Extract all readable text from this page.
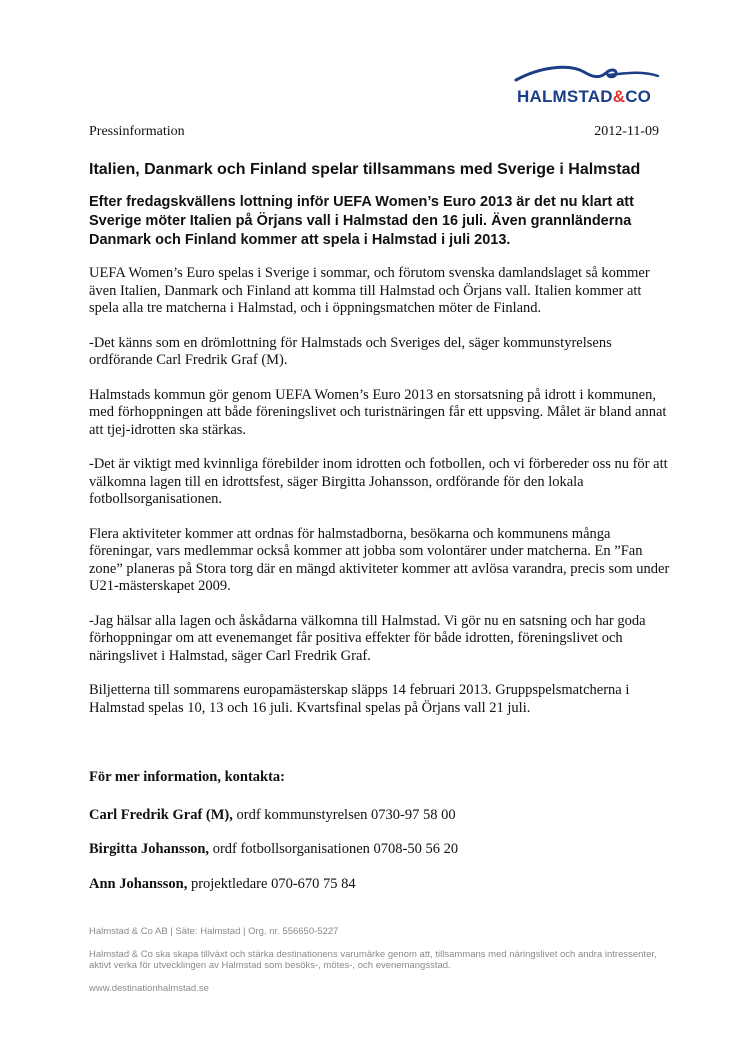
HALMSTAD&CO
Pressinformation	2012-11-09
Italien, Danmark och Finland spelar tillsammans med Sverige i Halmstad

Efter fredagskvällens lottning inför UEFA Women’s Euro 2013 är det nu klart att Sverige möter Italien på Örjans vall i Halmstad den 16 juli. Även grannländerna Danmark och Finland kommer att spela i Halmstad i juli 2013.

UEFA Women’s Euro spelas i Sverige i sommar, och förutom svenska damlandslaget så kommer även Italien, Danmark och Finland att komma till Halmstad och Örjans vall. Italien kommer att spela alla tre matcherna i Halmstad, och i öppningsmatchen möter de Finland.

-Det känns som en drömlottning för Halmstads och Sveriges del, säger kommunstyrelsens ordförande Carl Fredrik Graf (M).

Halmstads kommun gör genom UEFA Women’s Euro 2013 en storsatsning på idrott i kommunen, med förhoppningen att både föreningslivet och turistnäringen får ett uppsving. Målet är bland annat att tjej-idrotten ska stärkas.

-Det är viktigt med kvinnliga förebilder inom idrotten och fotbollen, och vi förbereder oss nu för att välkomna lagen till en idrottsfest, säger Birgitta Johansson, ordförande för den lokala fotbollsorganisationen.

Flera aktiviteter kommer att ordnas för halmstadborna, besökarna och kommunens många föreningar, vars medlemmar också kommer att jobba som volontärer under matcherna. En ”Fan zone” planeras på Stora torg där en mängd aktiviteter kommer att avlösa varandra, precis som under U21-mästerskapet 2009.

-Jag hälsar alla lagen och åskådarna välkomna till Halmstad. Vi gör nu en satsning och har goda förhoppningar om att evenemanget får positiva effekter för både idrotten, föreningslivet och näringslivet i Halmstad, säger Carl Fredrik Graf.

Biljetterna till sommarens europamästerskap släpps 14 februari 2013. Gruppspelsmatcherna i Halmstad spelas 10, 13 och 16 juli. Kvartsfinal spelas på Örjans vall 21 juli.

För mer information, kontakta:

Carl Fredrik Graf (M), ordf kommunstyrelsen 0730-97 58 00

Birgitta Johansson, ordf fotbollsorganisationen 0708-50 56 20

Ann Johansson, projektledare 070-670 75 84

Halmstad & Co AB | Säte: Halmstad | Org. nr. 556650-5227

Halmstad & Co ska skapa tillväxt och stärka destinationens varumärke genom att, tillsammans med näringslivet och andra intressenter, aktivt verka för utvecklingen av Halmstad som besöks-, mötes-, och evenemangsstad.

www.destinationhalmstad.se
